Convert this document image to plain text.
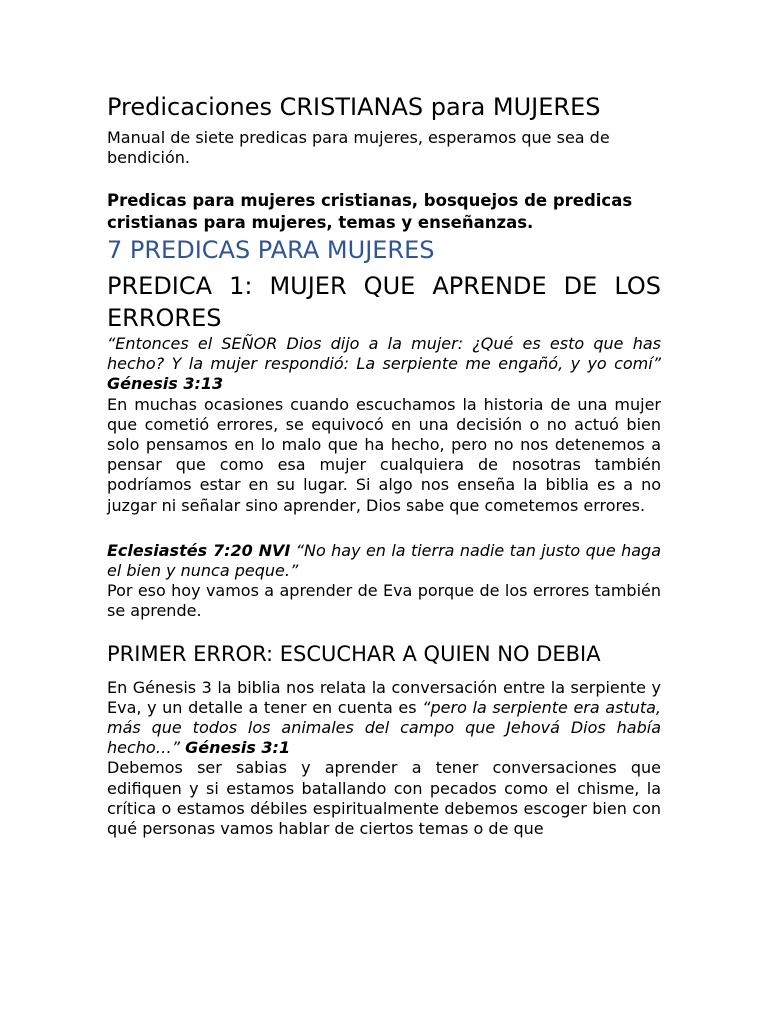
Predicaciones CRISTIANAS para MUJERES

Manual de siete predicas para mujeres, esperamos que sea de bendición.

Predicas para mujeres cristianas, bosquejos de predicas cristianas para mujeres, temas y enseñanzas.

7 PREDICAS PARA MUJERES
PREDICA 1: MUJER QUE APRENDE DE LOS ERRORES

“Entonces el SEÑOR Dios dijo a la mujer: ¿Qué es esto que has hecho? Y la mujer respondió: La serpiente me engañó, y yo comí” Génesis 3:13

En muchas ocasiones cuando escuchamos la historia de una mujer que cometió errores, se equivocó en una decisión o no actuó bien solo pensamos en lo malo que ha hecho, pero no nos detenemos a pensar que como esa mujer cualquiera de nosotras también podríamos estar en su lugar. Si algo nos enseña la biblia es a no juzgar ni señalar sino aprender, Dios sabe que cometemos errores.

Eclesiastés 7:20 NVI “No hay en la tierra nadie tan justo que haga el bien y nunca peque.”

Por eso hoy vamos a aprender de Eva porque de los errores también se aprende.

PRIMER ERROR: ESCUCHAR A QUIEN NO DEBIA

En Génesis 3 la biblia nos relata la conversación entre la serpiente y Eva, y un detalle a tener en cuenta es “pero la serpiente era astuta, más que todos los animales del campo que Jehová Dios había hecho…” Génesis 3:1

Debemos ser sabias y aprender a tener conversaciones que edifiquen y si estamos batallando con pecados como el chisme, la crítica o estamos débiles espiritualmente debemos escoger bien con qué personas vamos hablar de ciertos temas o de que
